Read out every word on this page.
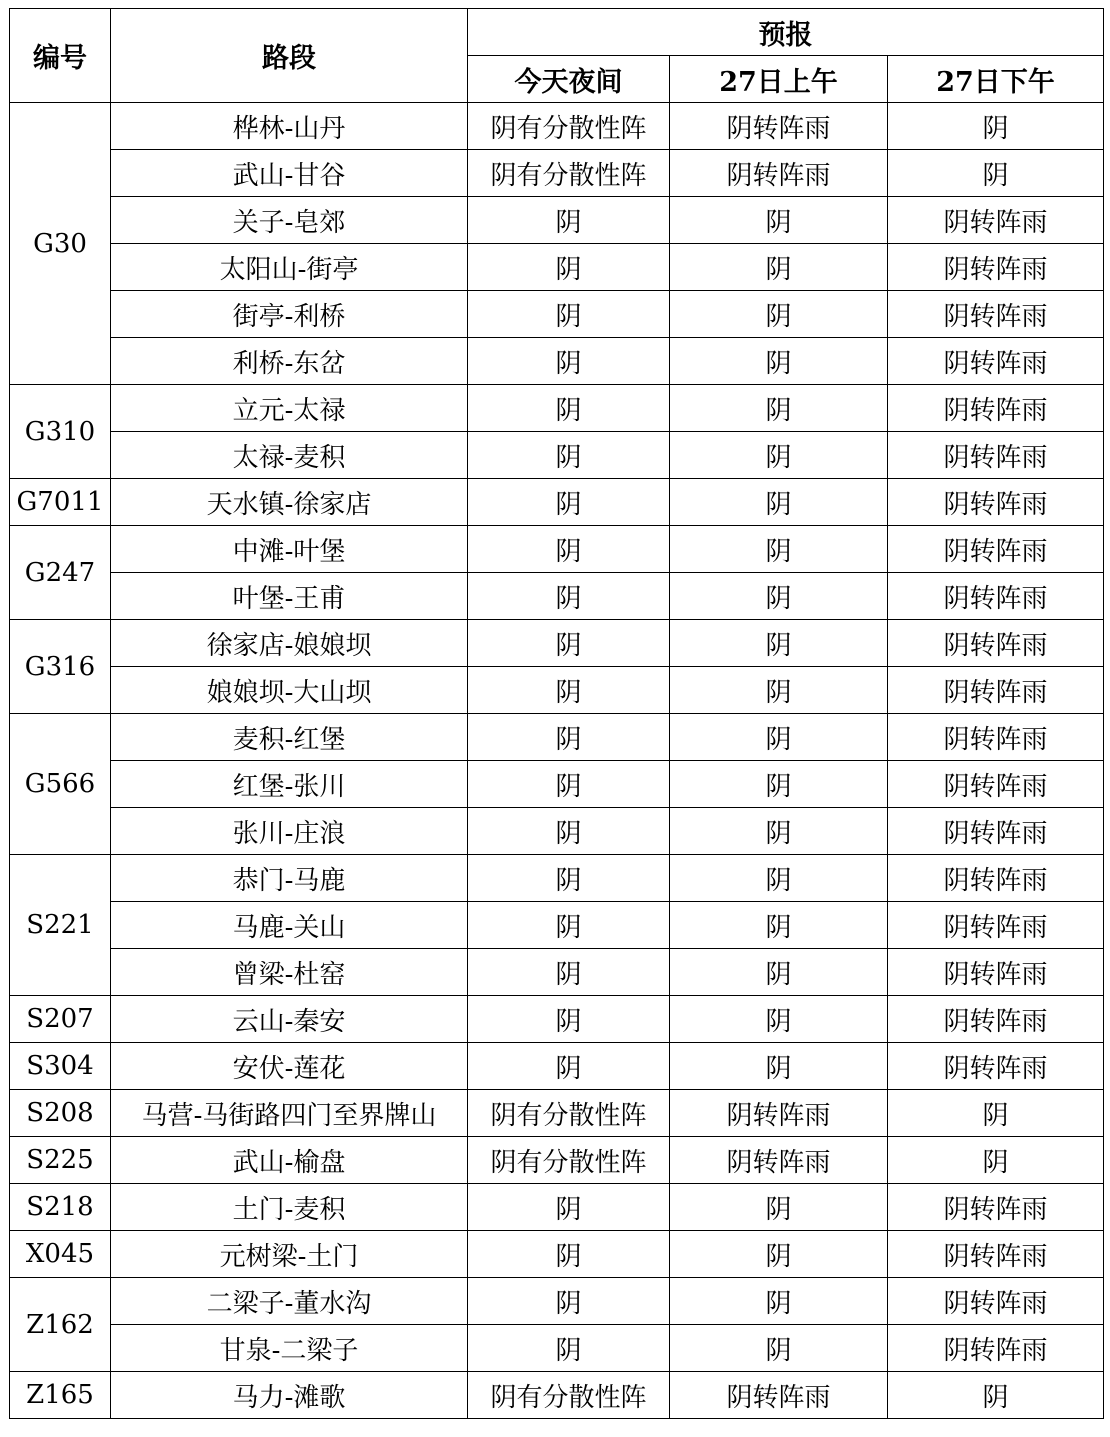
编号	路段	预报		
		今天夜间	27日上午	27日下午
G30	桦林-山丹	阴有分散性阵	阴转阵雨	阴
	武山-甘谷	阴有分散性阵	阴转阵雨	阴
	关子-皂郊	阴	阴	阴转阵雨
	太阳山-街亭	阴	阴	阴转阵雨
	街亭-利桥	阴	阴	阴转阵雨
	利桥-东岔	阴	阴	阴转阵雨
G310	立元-太禄	阴	阴	阴转阵雨
	太禄-麦积	阴	阴	阴转阵雨
G7011	天水镇-徐家店	阴	阴	阴转阵雨
G247	中滩-叶堡	阴	阴	阴转阵雨
	叶堡-王甫	阴	阴	阴转阵雨
G316	徐家店-娘娘坝	阴	阴	阴转阵雨
	娘娘坝-大山坝	阴	阴	阴转阵雨
G566	麦积-红堡	阴	阴	阴转阵雨
	红堡-张川	阴	阴	阴转阵雨
	张川-庄浪	阴	阴	阴转阵雨
S221	恭门-马鹿	阴	阴	阴转阵雨
	马鹿-关山	阴	阴	阴转阵雨
	曾梁-杜窑	阴	阴	阴转阵雨
S207	云山-秦安	阴	阴	阴转阵雨
S304	安伏-莲花	阴	阴	阴转阵雨
S208	马营-马街路四门至界牌山	阴有分散性阵	阴转阵雨	阴
S225	武山-榆盘	阴有分散性阵	阴转阵雨	阴
S218	土门-麦积	阴	阴	阴转阵雨
X045	元树梁-土门	阴	阴	阴转阵雨
Z162	二梁子-董水沟	阴	阴	阴转阵雨
	甘泉-二梁子	阴	阴	阴转阵雨
Z165	马力-滩歌	阴有分散性阵	阴转阵雨	阴
